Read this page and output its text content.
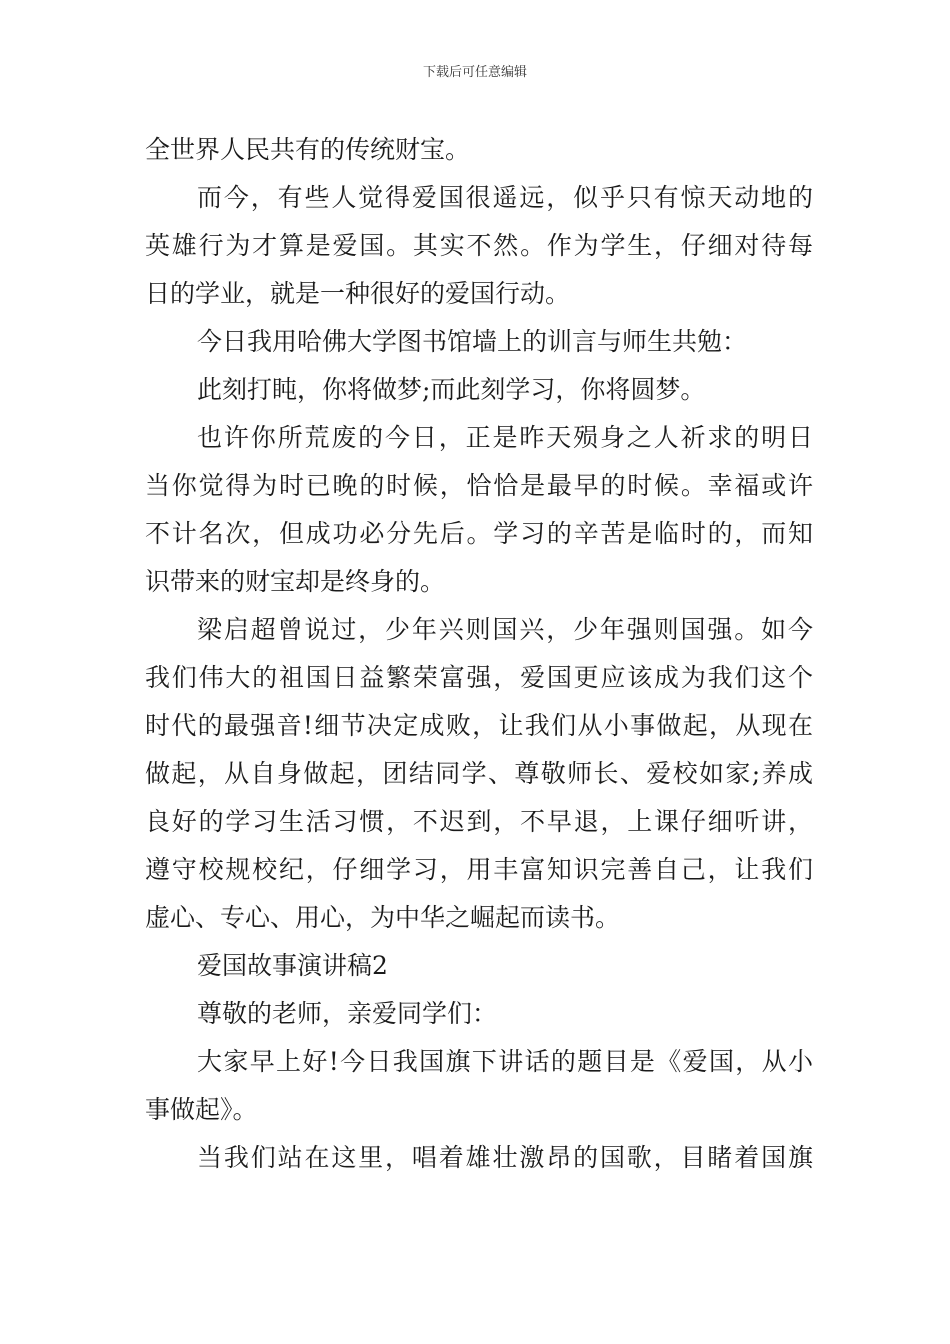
下载后可任意编辑
全世界人民共有的传统财宝。
而今，有些人觉得爱国很遥远，似乎只有惊天动地的
英雄行为才算是爱国。其实不然。作为学生，仔细对待每
日的学业，就是一种很好的爱国行动。
今日我用哈佛大学图书馆墙上的训言与师生共勉：
此刻打盹，你将做梦;而此刻学习，你将圆梦。
也许你所荒废的今日，正是昨天殒身之人祈求的明日
当你觉得为时已晚的时候，恰恰是最早的时候。幸福或许
不计名次，但成功必分先后。学习的辛苦是临时的，而知
识带来的财宝却是终身的。
梁启超曾说过，少年兴则国兴，少年强则国强。如今
我们伟大的祖国日益繁荣富强，爱国更应该成为我们这个
时代的最强音!细节决定成败，让我们从小事做起，从现在
做起，从自身做起，团结同学、尊敬师长、爱校如家;养成
良好的学习生活习惯，不迟到，不早退，上课仔细听讲，
遵守校规校纪，仔细学习，用丰富知识完善自己，让我们
虚心、专心、用心，为中华之崛起而读书。
爱国故事演讲稿2
尊敬的老师，亲爱同学们：
大家早上好!今日我国旗下讲话的题目是《爱国，从小
事做起》。
当我们站在这里，唱着雄壮激昂的国歌，目睹着国旗
